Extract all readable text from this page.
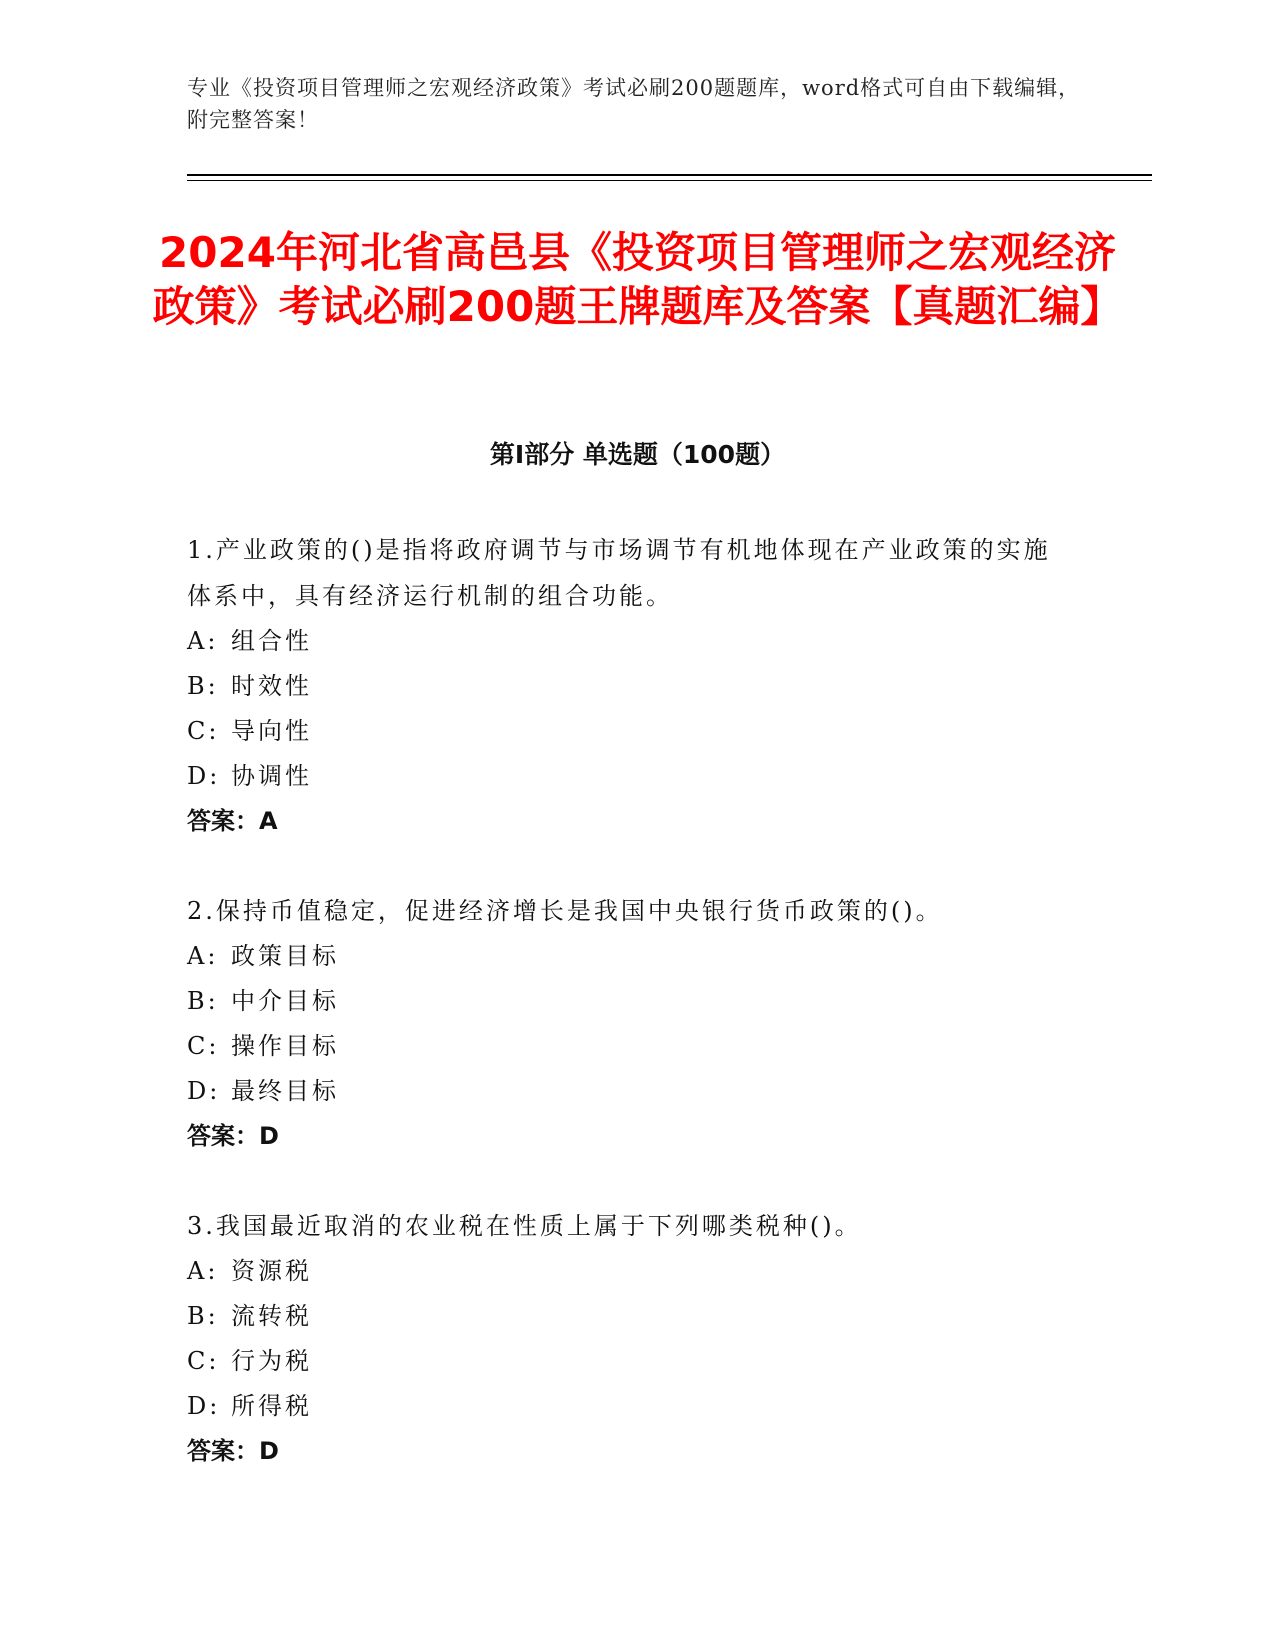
专业《投资项目管理师之宏观经济政策》考试必刷200题题库，word格式可自由下载编辑，附完整答案！
2024年河北省高邑县《投资项目管理师之宏观经济政策》考试必刷200题王牌题库及答案【真题汇编】
第I部分 单选题（100题）

1.产业政策的()是指将政府调节与市场调节有机地体现在产业政策的实施体系中，具有经济运行机制的组合功能。

A: 组合性

B: 时效性

C: 导向性

D: 协调性

答案：A

2.保持币值稳定，促进经济增长是我国中央银行货币政策的()。

A: 政策目标

B: 中介目标

C: 操作目标

D: 最终目标

答案：D

3.我国最近取消的农业税在性质上属于下列哪类税种()。

A: 资源税

B: 流转税

C: 行为税

D: 所得税

答案：D
